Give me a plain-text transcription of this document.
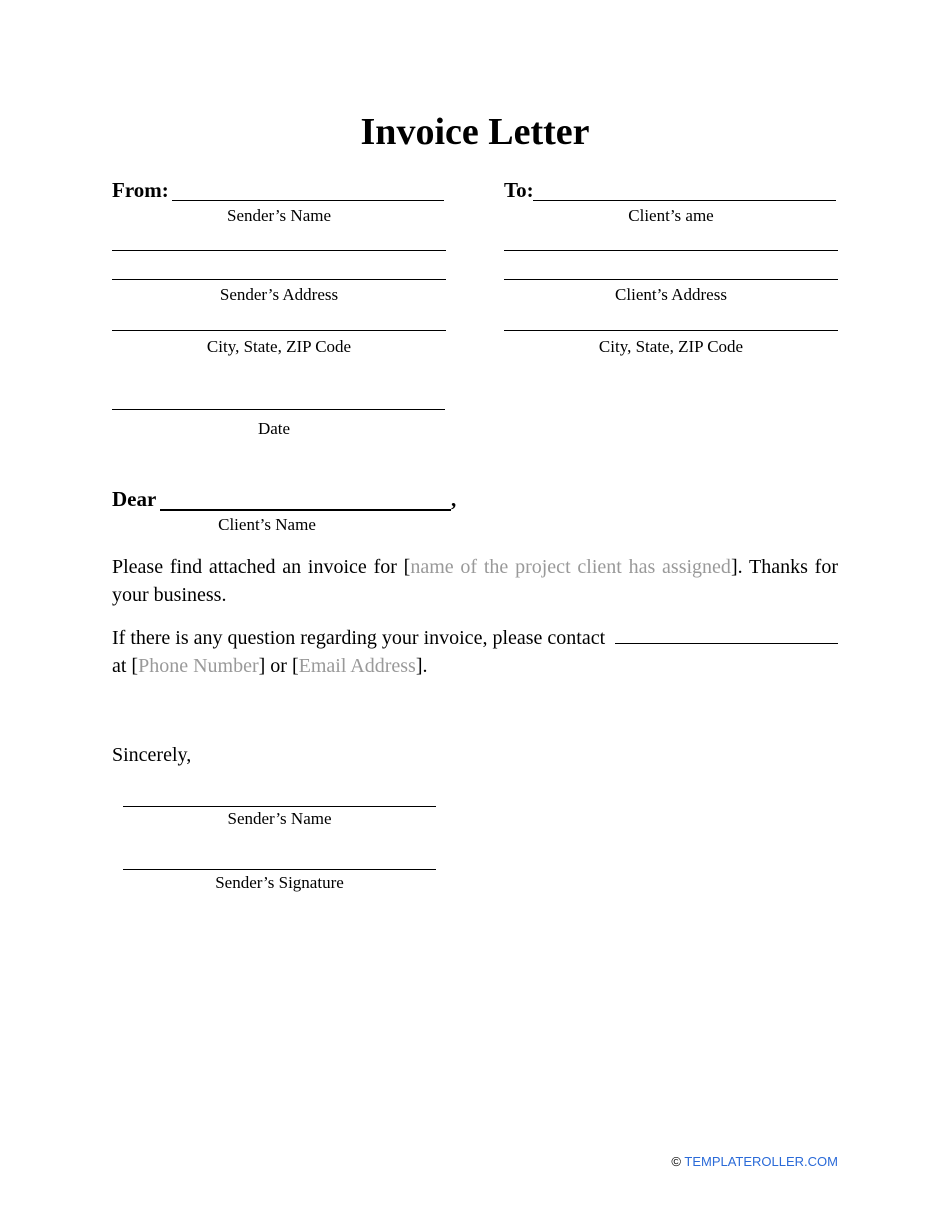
Invoice Letter
From:
Sender’s Name
Sender’s Address
City, State, ZIP Code
Date
To:
Client’s ame
Client’s Address
City, State, ZIP Code
Dear	,
Client’s Name
Please find attached an invoice for [name of the project client has assigned]. Thanks for your business.
If there is any question regarding your invoice, please contact
at [Phone Number] or [Email Address].
Sincerely,
Sender’s Name
Sender’s Signature
© TEMPLATEROLLER.COM
